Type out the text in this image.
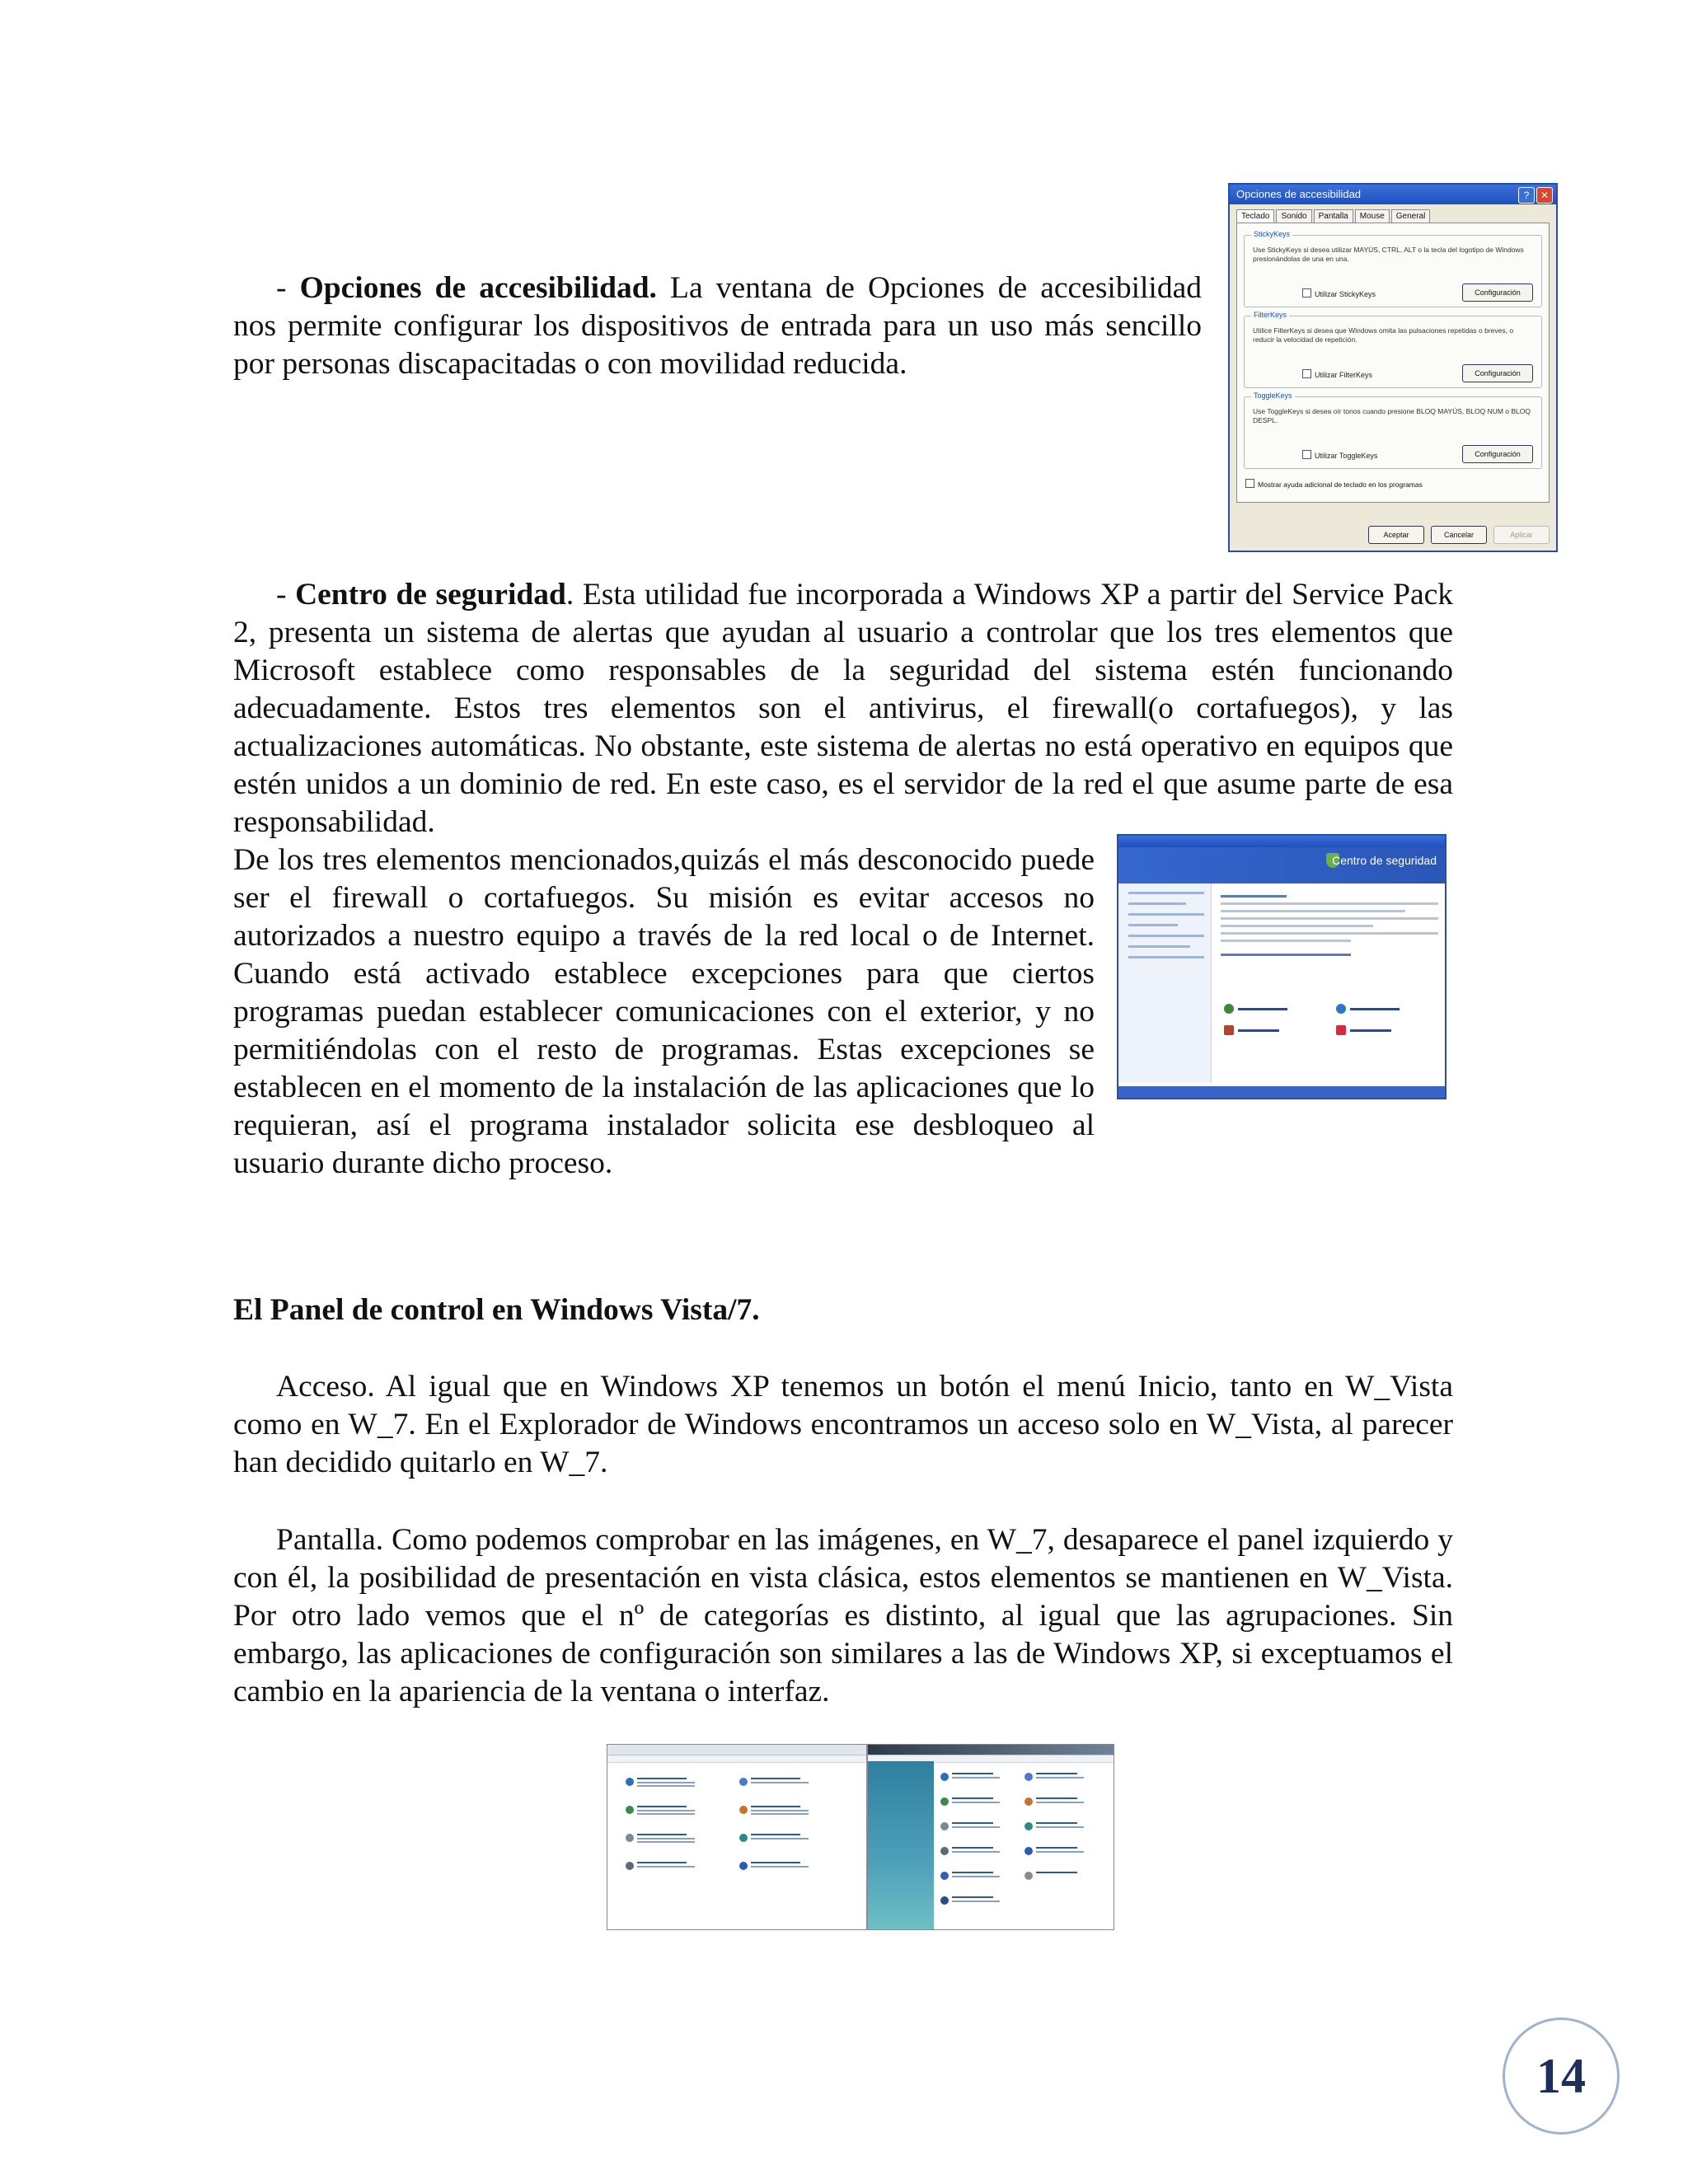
- Opciones de accesibilidad. La ventana de Opciones de accesibilidad nos permite configurar los dispositivos de entrada para un uso más sencillo por personas discapacitadas o con movilidad reducida.

Opciones de accesibilidad	?	✕
Teclado	Sonido	Pantalla	Mouse	General
StickyKeys
Use StickyKeys si desea utilizar MAYÚS, CTRL, ALT o la tecla del logotipo de Windows presionándolas de una en una.
Utilizar StickyKeys	Configuración
FilterKeys
Utilice FilterKeys si desea que Windows omita las pulsaciones repetidas o breves, o reducir la velocidad de repetición.
Utilizar FilterKeys	Configuración
ToggleKeys
Use ToggleKeys si desea oír tonos cuando presione BLOQ MAYÚS, BLOQ NUM o BLOQ DESPL.
Utilizar ToggleKeys	Configuración
Mostrar ayuda adicional de teclado en los programas
Aceptar	Cancelar	Aplicar

- Centro de seguridad. Esta utilidad fue incorporada a Windows XP a partir del Service Pack 2, presenta un sistema de alertas que ayudan al usuario a controlar que los tres elementos que Microsoft establece como responsables de la seguridad del sistema estén funcionando adecuadamente. Estos tres elementos son el antivirus, el firewall(o cortafuegos), y las actualizaciones automáticas. No obstante, este sistema de alertas no está operativo en equipos que estén unidos a un dominio de red. En este caso, es el servidor de la red el que asume parte de esa responsabilidad.

De los tres elementos mencionados,quizás el más desconocido puede ser el firewall o cortafuegos. Su misión es evitar accesos no autorizados a nuestro equipo a través de la red local o de Internet. Cuando está activado establece excepciones para que ciertos programas puedan establecer comunicaciones con el exterior, y no permitiéndolas con el resto de programas. Estas excepciones se establecen en el momento de la instalación de las aplicaciones que lo requieran, así el programa instalador solicita ese desbloqueo al usuario durante dicho proceso.

Centro de seguridad

El Panel de control en Windows Vista/7.

Acceso. Al igual que en Windows XP tenemos un botón el menú Inicio, tanto en W_Vista como en W_7. En el Explorador de Windows encontramos un acceso solo en W_Vista, al parecer han decidido quitarlo en W_7.

Pantalla. Como podemos comprobar en las imágenes, en W_7, desaparece el panel izquierdo y con él, la posibilidad de presentación en vista clásica, estos elementos se mantienen en W_Vista. Por otro lado vemos que el nº de categorías es distinto, al igual que las agrupaciones. Sin embargo, las aplicaciones de configuración son similares a las de Windows XP, si exceptuamos el cambio en la apariencia de la ventana o interfaz.

14
